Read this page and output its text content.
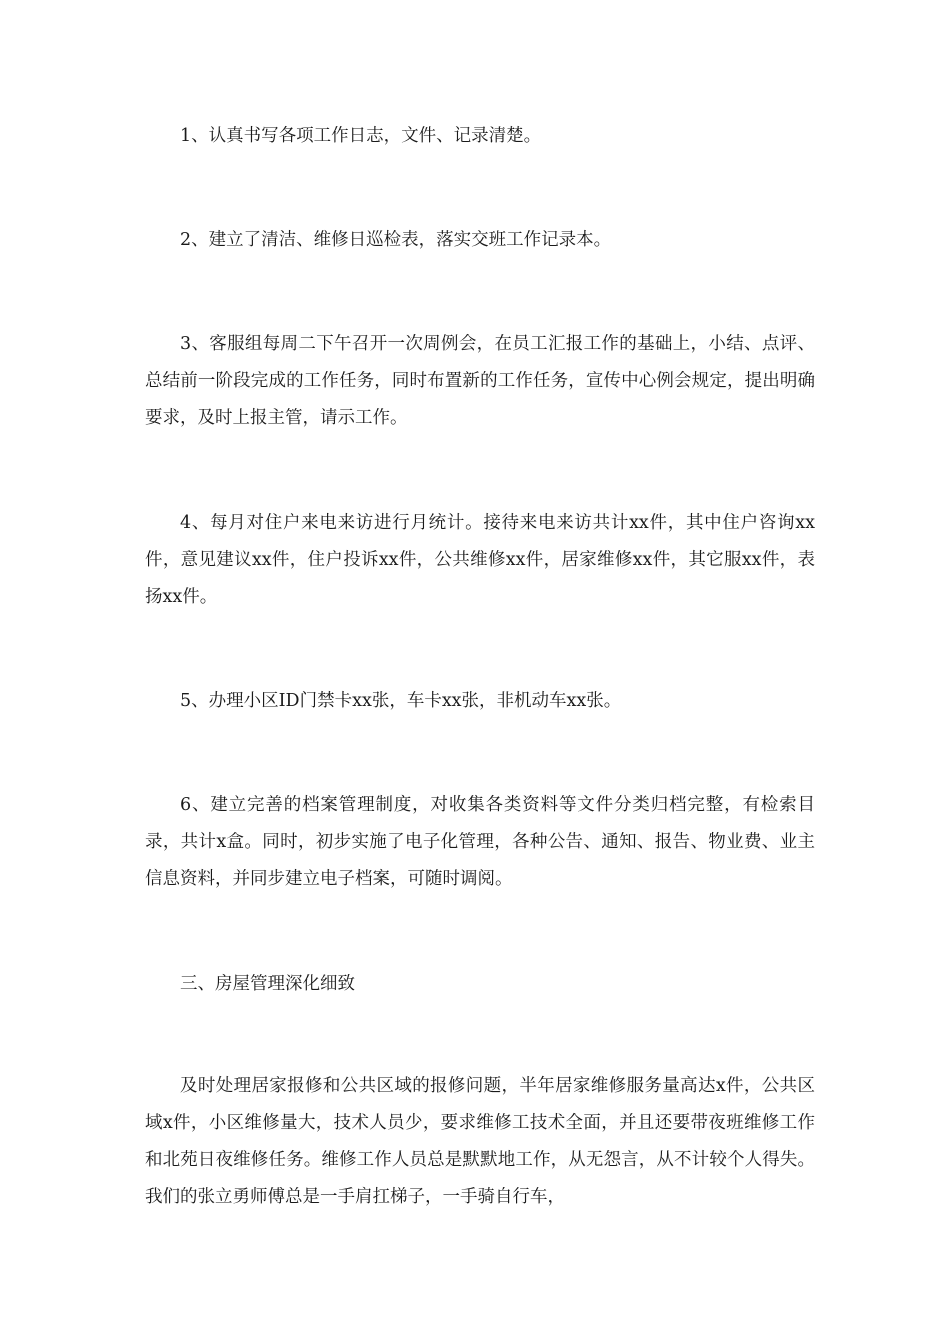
1、认真书写各项工作日志，文件、记录清楚。

2、建立了清洁、维修日巡检表，落实交班工作记录本。

3、客服组每周二下午召开一次周例会，在员工汇报工作的基础上，小结、点评、总结前一阶段完成的工作任务，同时布置新的工作任务，宣传中心例会规定，提出明确要求，及时上报主管，请示工作。

4、每月对住户来电来访进行月统计。接待来电来访共计xx件，其中住户咨询xx件，意见建议xx件，住户投诉xx件，公共维修xx件，居家维修xx件，其它服xx件，表扬xx件。

5、办理小区ID门禁卡xx张，车卡xx张，非机动车xx张。

6、建立完善的档案管理制度，对收集各类资料等文件分类归档完整，有检索目录，共计x盒。同时，初步实施了电子化管理，各种公告、通知、报告、物业费、业主信息资料，并同步建立电子档案，可随时调阅。

三、房屋管理深化细致

及时处理居家报修和公共区域的报修问题，半年居家维修服务量高达x件，公共区域x件，小区维修量大，技术人员少，要求维修工技术全面，并且还要带夜班维修工作和北苑日夜维修任务。维修工作人员总是默默地工作，从无怨言，从不计较个人得失。我们的张立勇师傅总是一手肩扛梯子，一手骑自行车，
